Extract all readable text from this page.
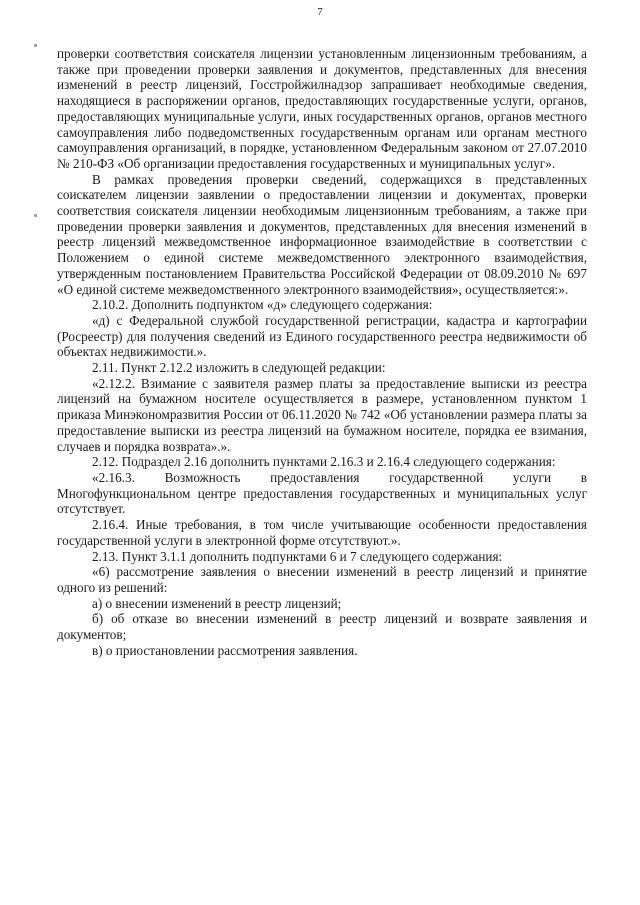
7

проверки соответствия соискателя лицензии установленным лицензионным требованиям, а также при проведении проверки заявления и документов, представленных для внесения изменений в реестр лицензий, Госстройжилнадзор запрашивает необходимые сведения, находящиеся в распоряжении органов, предоставляющих государственные услуги, органов, предоставляющих муниципальные услуги, иных государственных органов, органов местного самоуправления либо подведомственных государственным органам или органам местного самоуправления организаций, в порядке, установленном Федеральным законом от 27.07.2010 № 210-ФЗ «Об организации предоставления государственных и муниципальных услуг».

В рамках проведения проверки сведений, содержащихся в представленных соискателем лицензии заявлении о предоставлении лицензии и документах, проверки соответствия соискателя лицензии необходимым лицензионным требованиям, а также при проведении проверки заявления и документов, представленных для внесения изменений в реестр лицензий межведомственное информационное взаимодействие в соответствии с Положением о единой системе межведомственного электронного взаимодействия, утвержденным постановлением Правительства Российской Федерации от 08.09.2010 № 697 «О единой системе межведомственного электронного взаимодействия», осуществляется:».

2.10.2. Дополнить подпунктом «д» следующего содержания:

«д) с Федеральной службой государственной регистрации, кадастра и картографии (Росреестр) для получения сведений из Единого государственного реестра недвижимости об объектах недвижимости.».

2.11. Пункт 2.12.2 изложить в следующей редакции:

«2.12.2. Взимание с заявителя размер платы за предоставление выписки из реестра лицензий на бумажном носителе осуществляется в размере, установленном пунктом 1 приказа Минэкономразвития России от 06.11.2020 № 742 «Об установлении размера платы за предоставление выписки из реестра лицензий на бумажном носителе, порядка ее взимания, случаев и порядка возврата».».

2.12. Подраздел 2.16 дополнить пунктами 2.16.3 и 2.16.4 следующего содержания:

«2.16.3. Возможность предоставления государственной услуги в Многофункциональном центре предоставления государственных и муниципальных услуг отсутствует.

2.16.4. Иные требования, в том числе учитывающие особенности предоставления государственной услуги в электронной форме отсутствуют.».

2.13. Пункт 3.1.1 дополнить подпунктами 6 и 7 следующего содержания:

«6) рассмотрение заявления о внесении изменений в реестр лицензий и принятие одного из решений:

а) о внесении изменений в реестр лицензий;

б) об отказе во внесении изменений в реестр лицензий и возврате заявления и документов;

в) о приостановлении рассмотрения заявления.
